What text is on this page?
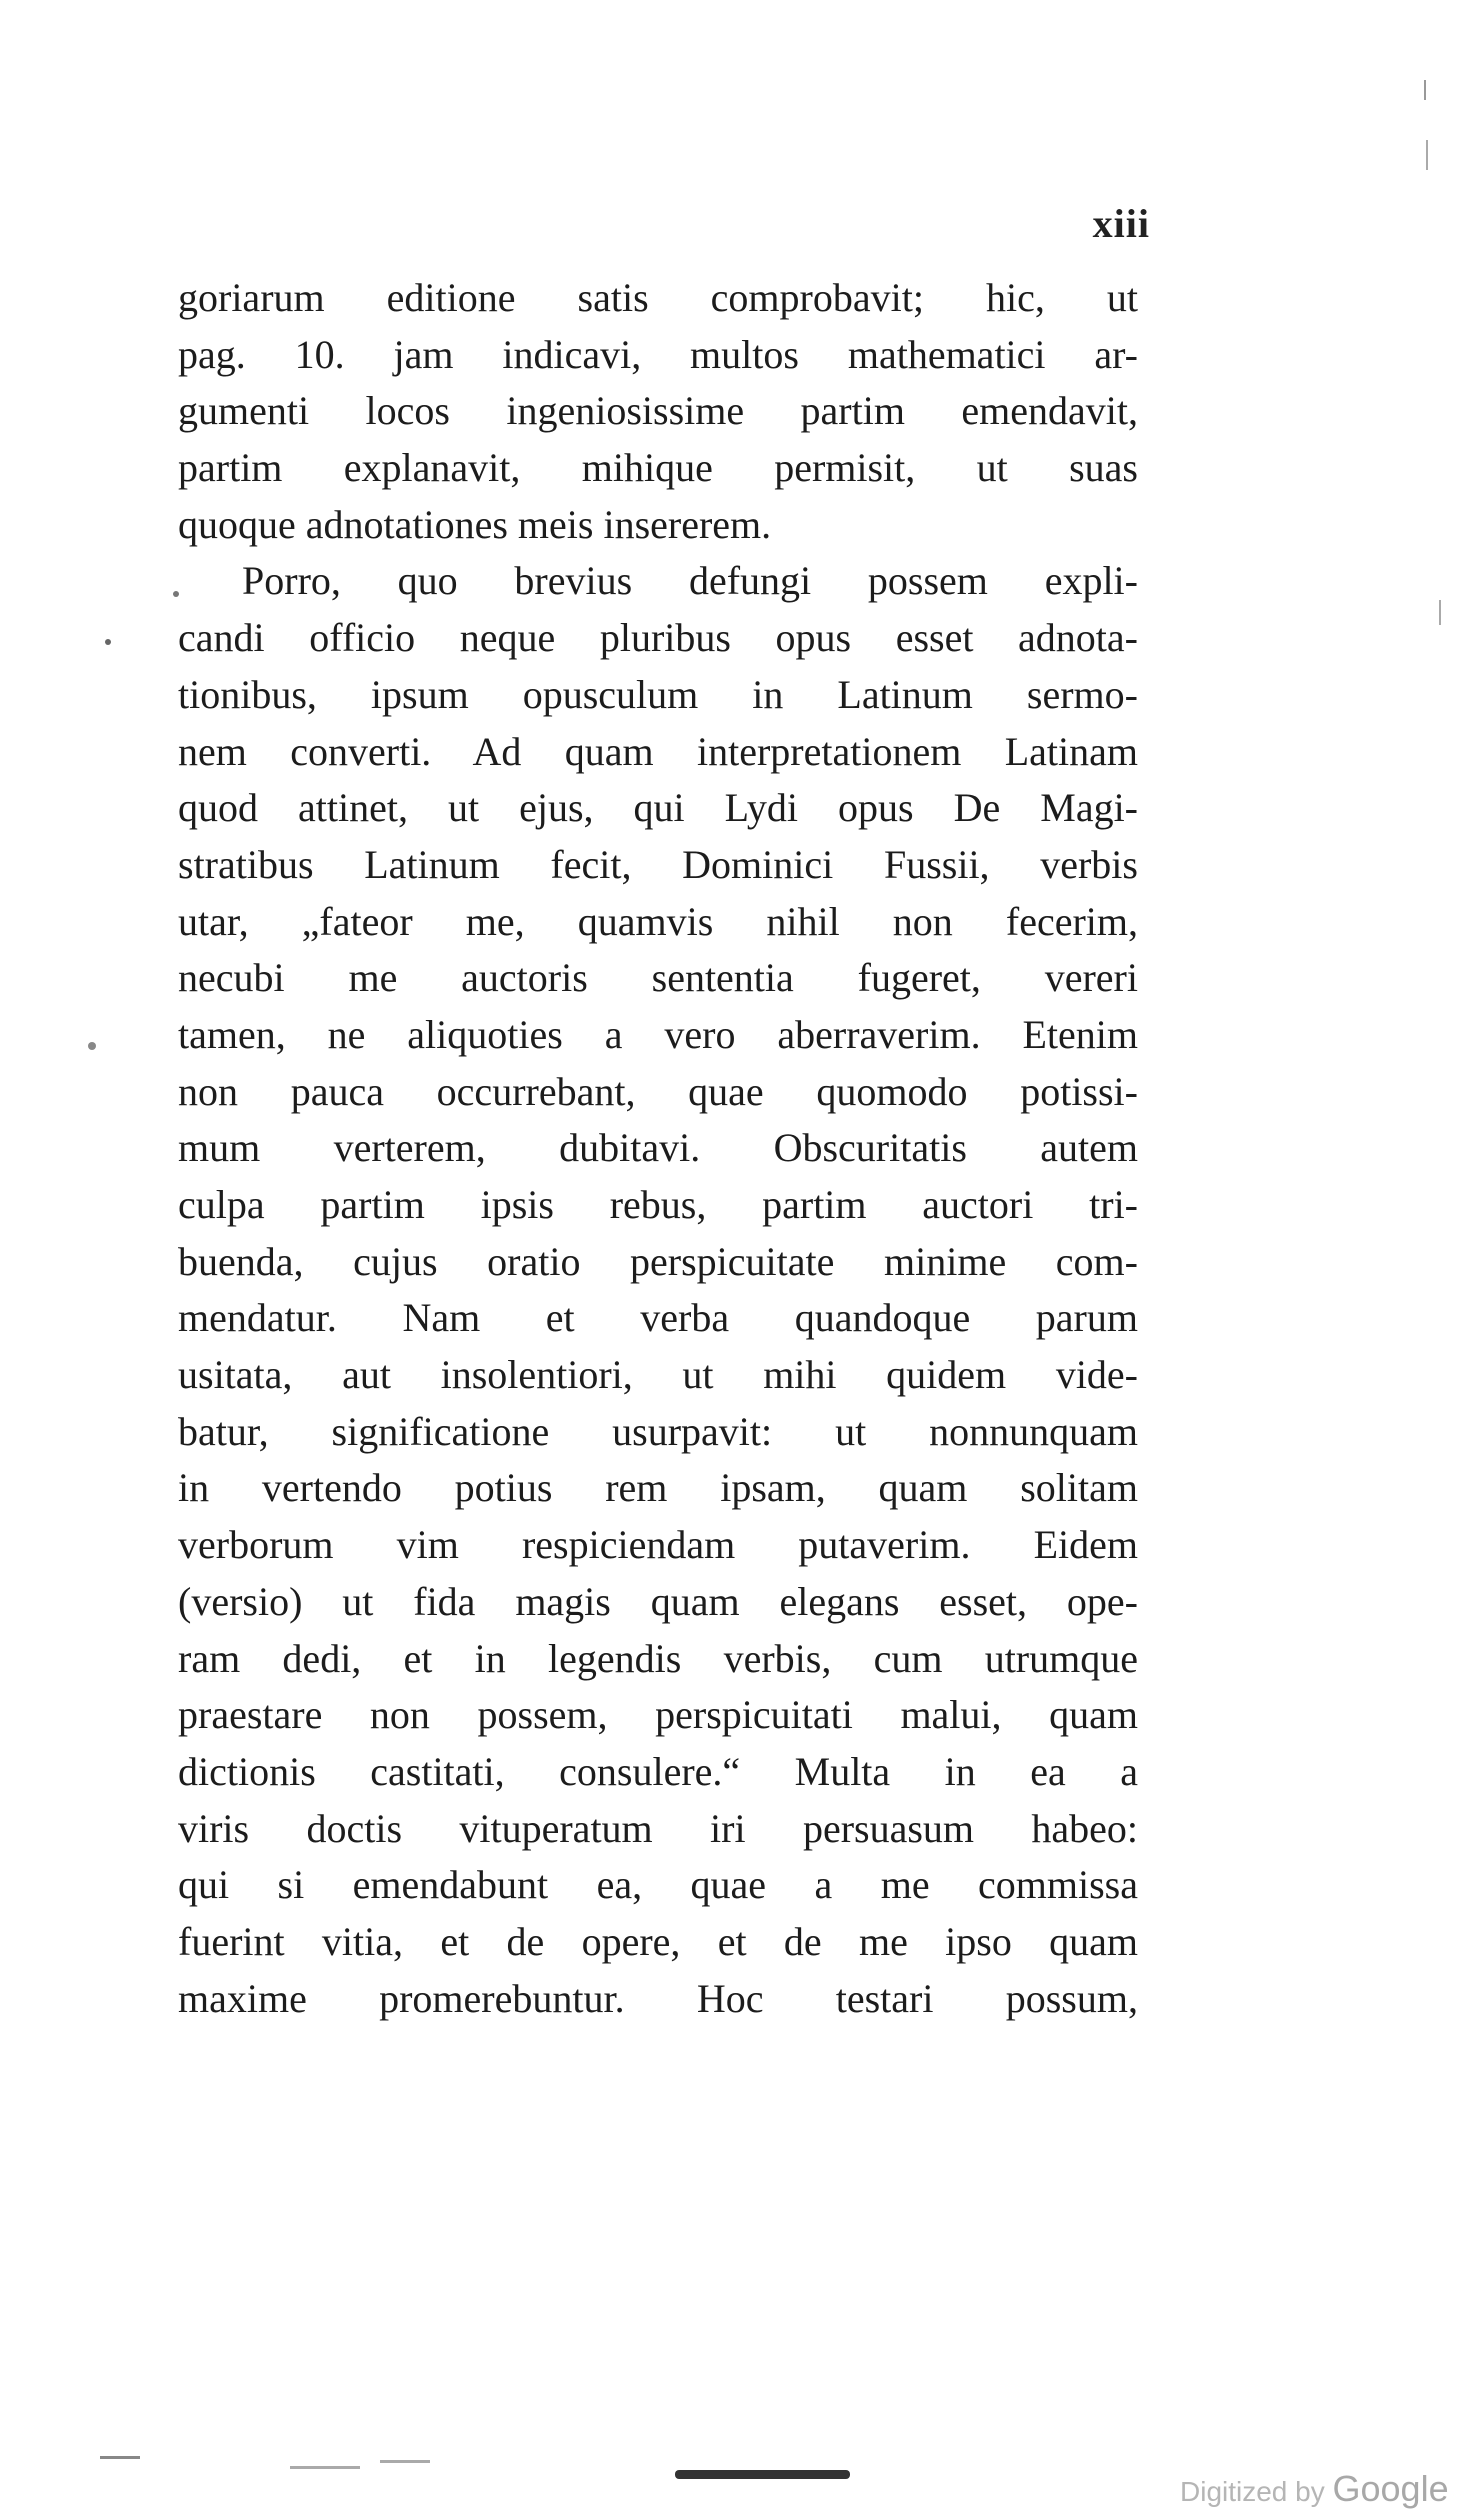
xiii
goriarum editione satis comprobavit; hic, ut
pag. 10. jam indicavi, multos mathematici ar-
gumenti locos ingeniosissime partim emendavit,
partim explanavit, mihique permisit, ut suas
quoque adnotationes meis insererem.
Porro, quo brevius defungi possem expli-
candi officio neque pluribus opus esset adnota-
tionibus, ipsum opusculum in Latinum sermo-
nem converti. Ad quam interpretationem Latinam
quod attinet, ut ejus, qui Lydi opus De Magi-
stratibus Latinum fecit, Dominici Fussii, verbis
utar, „fateor me, quamvis nihil non fecerim,
necubi me auctoris sententia fugeret, vereri
tamen, ne aliquoties a vero aberraverim. Etenim
non pauca occurrebant, quae quomodo potissi-
mum verterem, dubitavi. Obscuritatis autem
culpa partim ipsis rebus, partim auctori tri-
buenda, cujus oratio perspicuitate minime com-
mendatur. Nam et verba quandoque parum
usitata, aut insolentiori, ut mihi quidem vide-
batur, significatione usurpavit: ut nonnunquam
in vertendo potius rem ipsam, quam solitam
verborum vim respiciendam putaverim. Eidem
(versio) ut fida magis quam elegans esset, ope-
ram dedi, et in legendis verbis, cum utrumque
praestare non possem, perspicuitati malui, quam
dictionis castitati, consulere.“ Multa in ea a
viris doctis vituperatum iri persuasum habeo:
qui si emendabunt ea, quae a me commissa
fuerint vitia, et de opere, et de me ipso quam
maxime promerebuntur. Hoc testari possum,
Digitized by Google
